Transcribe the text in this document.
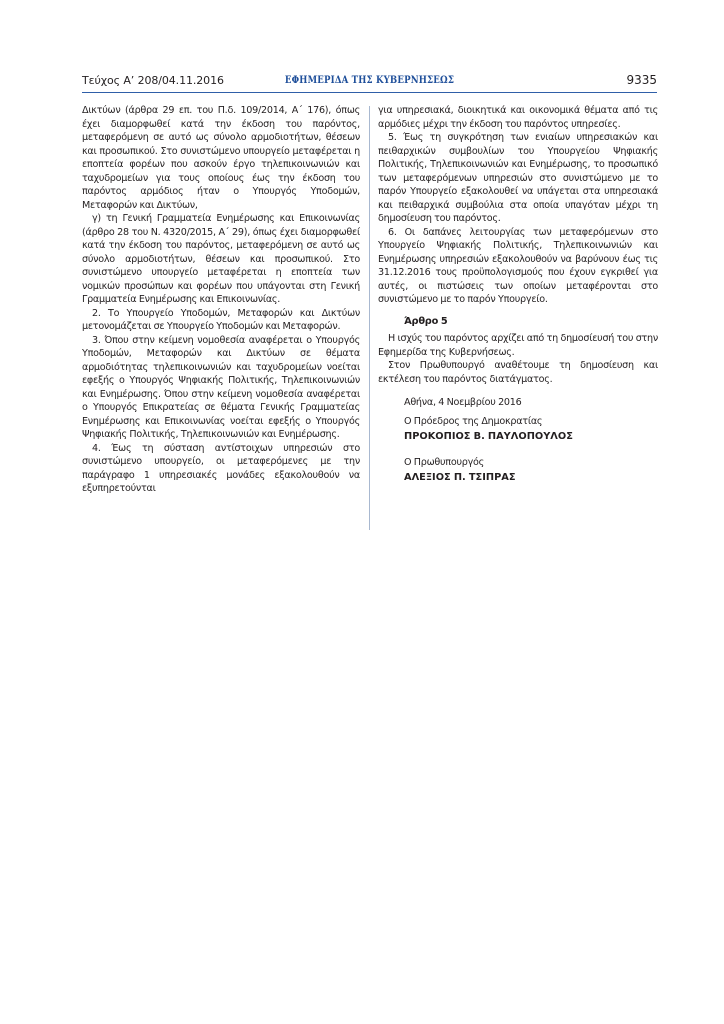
Τεύχος Α’ 208/04.11.2016	ΕΦΗΜΕΡΙΔΑ ΤΗΣ ΚΥΒΕΡΝΗΣΕΩΣ	9335

Δικτύων (άρθρα 29 επ. του Π.δ. 109/2014, Α΄ 176), όπως έχει διαμορφωθεί κατά την έκδοση του παρόντος, μεταφερόμενη σε αυτό ως σύνολο αρμοδιοτήτων, θέσεων και προσωπικού. Στο συνιστώμενο υπουργείο μεταφέρεται η εποπτεία φορέων που ασκούν έργο τηλεπικοινωνιών και ταχυδρομείων για τους οποίους έως την έκδοση του παρόντος αρμόδιος ήταν ο Υπουργός Υποδομών, Μεταφορών και Δικτύων,

γ) τη Γενική Γραμματεία Ενημέρωσης και Επικοινωνίας (άρθρο 28 του Ν. 4320/2015, Α΄ 29), όπως έχει διαμορφωθεί κατά την έκδοση του παρόντος, μεταφερόμενη σε αυτό ως σύνολο αρμοδιοτήτων, θέσεων και προσωπικού. Στο συνιστώμενο υπουργείο μεταφέρεται η εποπτεία των νομικών προσώπων και φορέων που υπάγονται στη Γενική Γραμματεία Ενημέρωσης και Επικοινωνίας.

2. Το Υπουργείο Υποδομών, Μεταφορών και Δικτύων μετονομάζεται σε Υπουργείο Υποδομών και Μεταφορών.

3. Όπου στην κείμενη νομοθεσία αναφέρεται ο Υπουργός Υποδομών, Μεταφορών και Δικτύων σε θέματα αρμοδιότητας τηλεπικοινωνιών και ταχυδρομείων νοείται εφεξής ο Υπουργός Ψηφιακής Πολιτικής, Τηλεπικοινωνιών και Ενημέρωσης. Όπου στην κείμενη νομοθεσία αναφέρεται ο Υπουργός Επικρατείας σε θέματα Γενικής Γραμματείας Ενημέρωσης και Επικοινωνίας νοείται εφεξής ο Υπουργός Ψηφιακής Πολιτικής, Τηλεπικοινωνιών και Ενημέρωσης.

4. Έως τη σύσταση αντίστοιχων υπηρεσιών στο συνιστώμενο υπουργείο, οι μεταφερόμενες με την παράγραφο 1 υπηρεσιακές μονάδες εξακολουθούν να εξυπηρετούνται

για υπηρεσιακά, διοικητικά και οικονομικά θέματα από τις αρμόδιες μέχρι την έκδοση του παρόντος υπηρεσίες.

5. Έως τη συγκρότηση των ενιαίων υπηρεσιακών και πειθαρχικών συμβουλίων του Υπουργείου Ψηφιακής Πολιτικής, Τηλεπικοινωνιών και Ενημέρωσης, το προσωπικό των μεταφερόμενων υπηρεσιών στο συνιστώμενο με το παρόν Υπουργείο εξακολουθεί να υπάγεται στα υπηρεσιακά και πειθαρχικά συμβούλια στα οποία υπαγόταν μέχρι τη δημοσίευση του παρόντος.

6. Οι δαπάνες λειτουργίας των μεταφερόμενων στο Υπουργείο Ψηφιακής Πολιτικής, Τηλεπικοινωνιών και Ενημέρωσης υπηρεσιών εξακολουθούν να βαρύνουν έως τις 31.12.2016 τους προϋπολογισμούς που έχουν εγκριθεί για αυτές, οι πιστώσεις των οποίων μεταφέρονται στο συνιστώμενο με το παρόν Υπουργείο.

Άρθρο 5

Η ισχύς του παρόντος αρχίζει από τη δημοσίευσή του στην Εφημερίδα της Κυβερνήσεως.

Στον Πρωθυπουργό αναθέτουμε τη δημοσίευση και εκτέλεση του παρόντος διατάγματος.

Αθήνα, 4 Νοεμβρίου 2016

Ο Πρόεδρος της Δημοκρατίας

ΠΡΟΚΟΠΙΟΣ Β. ΠΑΥΛΟΠΟΥΛΟΣ

Ο Πρωθυπουργός

ΑΛΕΞΙΟΣ Π. ΤΣΙΠΡΑΣ
